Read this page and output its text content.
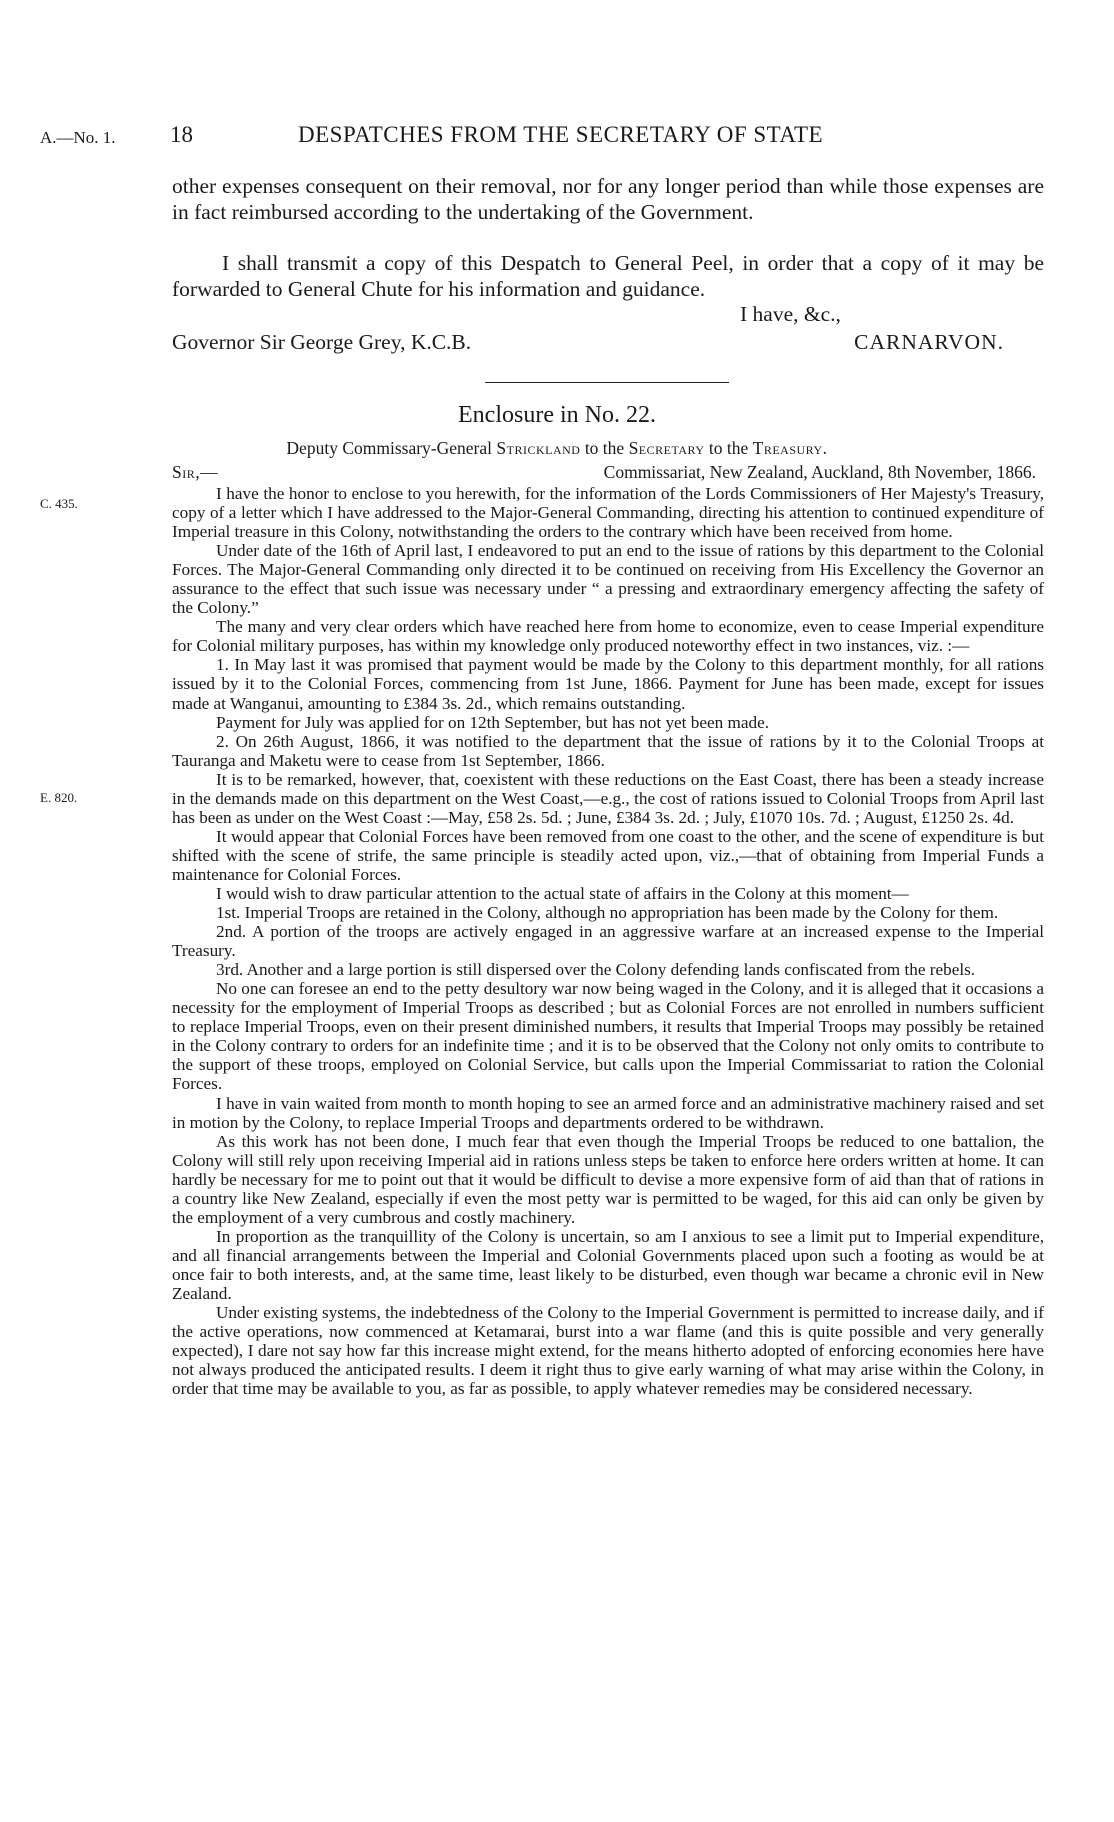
A.—No. 1. 18	DESPATCHES FROM THE SECRETARY OF STATE

other expenses consequent on their removal, nor for any longer period than while those expenses are in fact reimbursed according to the undertaking of the Government.

I shall transmit a copy of this Despatch to General Peel, in order that a copy of it may be forwarded to General Chute for his information and guidance.

I have, &c.,
Governor Sir George Grey, K.C.B.	CARNARVON.
Enclosure in No. 22.
Deputy Commissary-General Strickland to the Secretary to the Treasury.
Sir,—	Commissariat, New Zealand, Auckland, 8th November, 1866.
C. 435.
E. 820.

I have the honor to enclose to you herewith, for the information of the Lords Commissioners of Her Majesty's Treasury, copy of a letter which I have addressed to the Major-General Commanding, directing his attention to continued expenditure of Imperial treasure in this Colony, notwithstanding the orders to the contrary which have been received from home.

Under date of the 16th of April last, I endeavored to put an end to the issue of rations by this department to the Colonial Forces. The Major-General Commanding only directed it to be continued on receiving from His Excellency the Governor an assurance to the effect that such issue was necessary under “ a pressing and extraordinary emergency affecting the safety of the Colony.”

The many and very clear orders which have reached here from home to economize, even to cease Imperial expenditure for Colonial military purposes, has within my knowledge only produced noteworthy effect in two instances, viz. :—

1. In May last it was promised that payment would be made by the Colony to this department monthly, for all rations issued by it to the Colonial Forces, commencing from 1st June, 1866. Payment for June has been made, except for issues made at Wanganui, amounting to £384 3s. 2d., which remains outstanding.

Payment for July was applied for on 12th September, but has not yet been made.

2. On 26th August, 1866, it was notified to the department that the issue of rations by it to the Colonial Troops at Tauranga and Maketu were to cease from 1st September, 1866.

It is to be remarked, however, that, coexistent with these reductions on the East Coast, there has been a steady increase in the demands made on this department on the West Coast,—e.g., the cost of rations issued to Colonial Troops from April last has been as under on the West Coast :—May, £58 2s. 5d. ; June, £384 3s. 2d. ; July, £1070 10s. 7d. ; August, £1250 2s. 4d.

It would appear that Colonial Forces have been removed from one coast to the other, and the scene of expenditure is but shifted with the scene of strife, the same principle is steadily acted upon, viz.,—that of obtaining from Imperial Funds a maintenance for Colonial Forces.

I would wish to draw particular attention to the actual state of affairs in the Colony at this moment—

1st. Imperial Troops are retained in the Colony, although no appropriation has been made by the Colony for them.

2nd. A portion of the troops are actively engaged in an aggressive warfare at an increased expense to the Imperial Treasury.

3rd. Another and a large portion is still dispersed over the Colony defending lands confiscated from the rebels.

No one can foresee an end to the petty desultory war now being waged in the Colony, and it is alleged that it occasions a necessity for the employment of Imperial Troops as described ; but as Colonial Forces are not enrolled in numbers sufficient to replace Imperial Troops, even on their present diminished numbers, it results that Imperial Troops may possibly be retained in the Colony contrary to orders for an indefinite time ; and it is to be observed that the Colony not only omits to contribute to the support of these troops, employed on Colonial Service, but calls upon the Imperial Commissariat to ration the Colonial Forces.

I have in vain waited from month to month hoping to see an armed force and an administrative machinery raised and set in motion by the Colony, to replace Imperial Troops and departments ordered to be withdrawn.

As this work has not been done, I much fear that even though the Imperial Troops be reduced to one battalion, the Colony will still rely upon receiving Imperial aid in rations unless steps be taken to enforce here orders written at home. It can hardly be necessary for me to point out that it would be difficult to devise a more expensive form of aid than that of rations in a country like New Zealand, especially if even the most petty war is permitted to be waged, for this aid can only be given by the employment of a very cumbrous and costly machinery.

In proportion as the tranquillity of the Colony is uncertain, so am I anxious to see a limit put to Imperial expenditure, and all financial arrangements between the Imperial and Colonial Governments placed upon such a footing as would be at once fair to both interests, and, at the same time, least likely to be disturbed, even though war became a chronic evil in New Zealand.

Under existing systems, the indebtedness of the Colony to the Imperial Government is permitted to increase daily, and if the active operations, now commenced at Ketamarai, burst into a war flame (and this is quite possible and very generally expected), I dare not say how far this increase might extend, for the means hitherto adopted of enforcing economies here have not always produced the anticipated results. I deem it right thus to give early warning of what may arise within the Colony, in order that time may be available to you, as far as possible, to apply whatever remedies may be considered necessary.
